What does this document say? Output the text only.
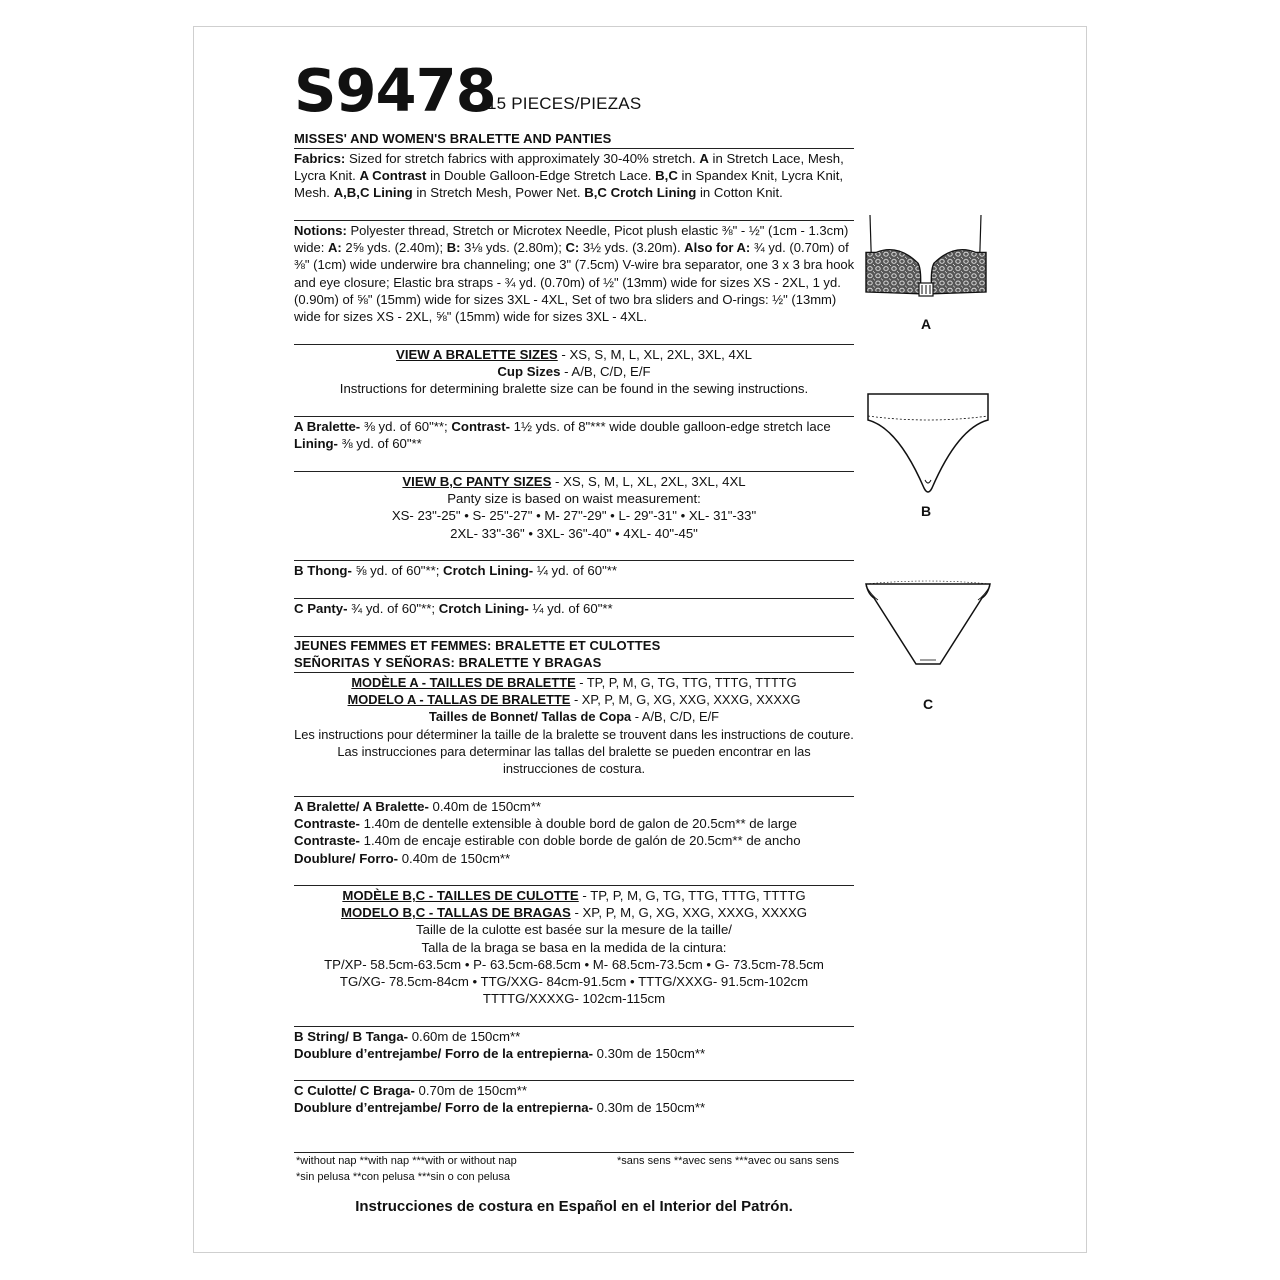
S9478
15 PIECES/PIEZAS
MISSES' AND WOMEN'S BRALETTE AND PANTIES

Fabrics: Sized for stretch fabrics with approximately 30-40% stretch. A in Stretch Lace, Mesh,

Lycra Knit. A Contrast in Double Galloon-Edge Stretch Lace. B,C in Spandex Knit, Lycra Knit,

Mesh. A,B,C Lining in Stretch Mesh, Power Net. B,C Crotch Lining in Cotton Knit.

Notions: Polyester thread, Stretch or Microtex Needle, Picot plush elastic ⅜" - ½" (1cm - 1.3cm)

wide: A: 2⅝ yds. (2.40m); B: 3⅛ yds. (2.80m); C: 3½ yds. (3.20m). Also for A: ¾ yd. (0.70m) of

⅜" (1cm) wide underwire bra channeling; one 3" (7.5cm) V-wire bra separator, one 3 x 3 bra hook

and eye closure; Elastic bra straps - ¾ yd. (0.70m) of ½" (13mm) wide for sizes XS - 2XL, 1 yd.

(0.90m) of ⅝" (15mm) wide for sizes 3XL - 4XL, Set of two bra sliders and O-rings: ½" (13mm)

wide for sizes XS - 2XL, ⅝" (15mm) wide for sizes 3XL - 4XL.

VIEW A BRALETTE SIZES - XS, S, M, L, XL, 2XL, 3XL, 4XL

Cup Sizes - A/B, C/D, E/F

Instructions for determining bralette size can be found in the sewing instructions.

A Bralette- ⅜ yd. of 60"**; Contrast- 1½ yds. of 8"*** wide double galloon-edge stretch lace

Lining- ⅜ yd. of 60"**

VIEW B,C PANTY SIZES - XS, S, M, L, XL, 2XL, 3XL, 4XL

Panty size is based on waist measurement:

XS- 23"-25" • S- 25"-27" • M- 27"-29" • L- 29"-31" • XL- 31"-33"

2XL- 33"-36" • 3XL- 36"-40" • 4XL- 40"-45"

B Thong- ⅝ yd. of 60"**; Crotch Lining- ¼ yd. of 60"**

C Panty- ¾ yd. of 60"**; Crotch Lining- ¼ yd. of 60"**

JEUNES FEMMES ET FEMMES: BRALETTE ET CULOTTES

SEÑORITAS Y SEÑORAS: BRALETTE Y BRAGAS

MODÈLE A - TAILLES DE BRALETTE - TP, P, M, G, TG, TTG, TTTG, TTTTG

MODELO A - TALLAS DE BRALETTE - XP, P, M, G, XG, XXG, XXXG, XXXXG

Tailles de Bonnet/ Tallas de Copa - A/B, C/D, E/F

Les instructions pour déterminer la taille de la bralette se trouvent dans les instructions de couture.

Las instrucciones para determinar las tallas del bralette se pueden encontrar en las

instrucciones de costura.

A Bralette/ A Bralette- 0.40m de 150cm**

Contraste- 1.40m de dentelle extensible à double bord de galon de 20.5cm** de large

Contraste- 1.40m de encaje estirable con doble borde de galón de 20.5cm** de ancho

Doublure/ Forro- 0.40m de 150cm**

MODÈLE B,C - TAILLES DE CULOTTE - TP, P, M, G, TG, TTG, TTTG, TTTTG

MODELO B,C - TALLAS DE BRAGAS - XP, P, M, G, XG, XXG, XXXG, XXXXG

Taille de la culotte est basée sur la mesure de la taille/

Talla de la braga se basa en la medida de la cintura:

TP/XP- 58.5cm-63.5cm • P- 63.5cm-68.5cm • M- 68.5cm-73.5cm • G- 73.5cm-78.5cm

TG/XG- 78.5cm-84cm • TTG/XXG- 84cm-91.5cm • TTTG/XXXG- 91.5cm-102cm

TTTTG/XXXXG- 102cm-115cm

B String/ B Tanga- 0.60m de 150cm**

Doublure d’entrejambe/ Forro de la entrepierna- 0.30m de 150cm**

C Culotte/ C Braga- 0.70m de 150cm**

Doublure d’entrejambe/ Forro de la entrepierna- 0.30m de 150cm**

*without nap **with nap ***with or without nap
*sin pelusa **con pelusa ***sin o con pelusa
*sans sens **avec sens ***avec ou sans sens
Instrucciones de costura en Español en el Interior del Patrón.
A
B
C
